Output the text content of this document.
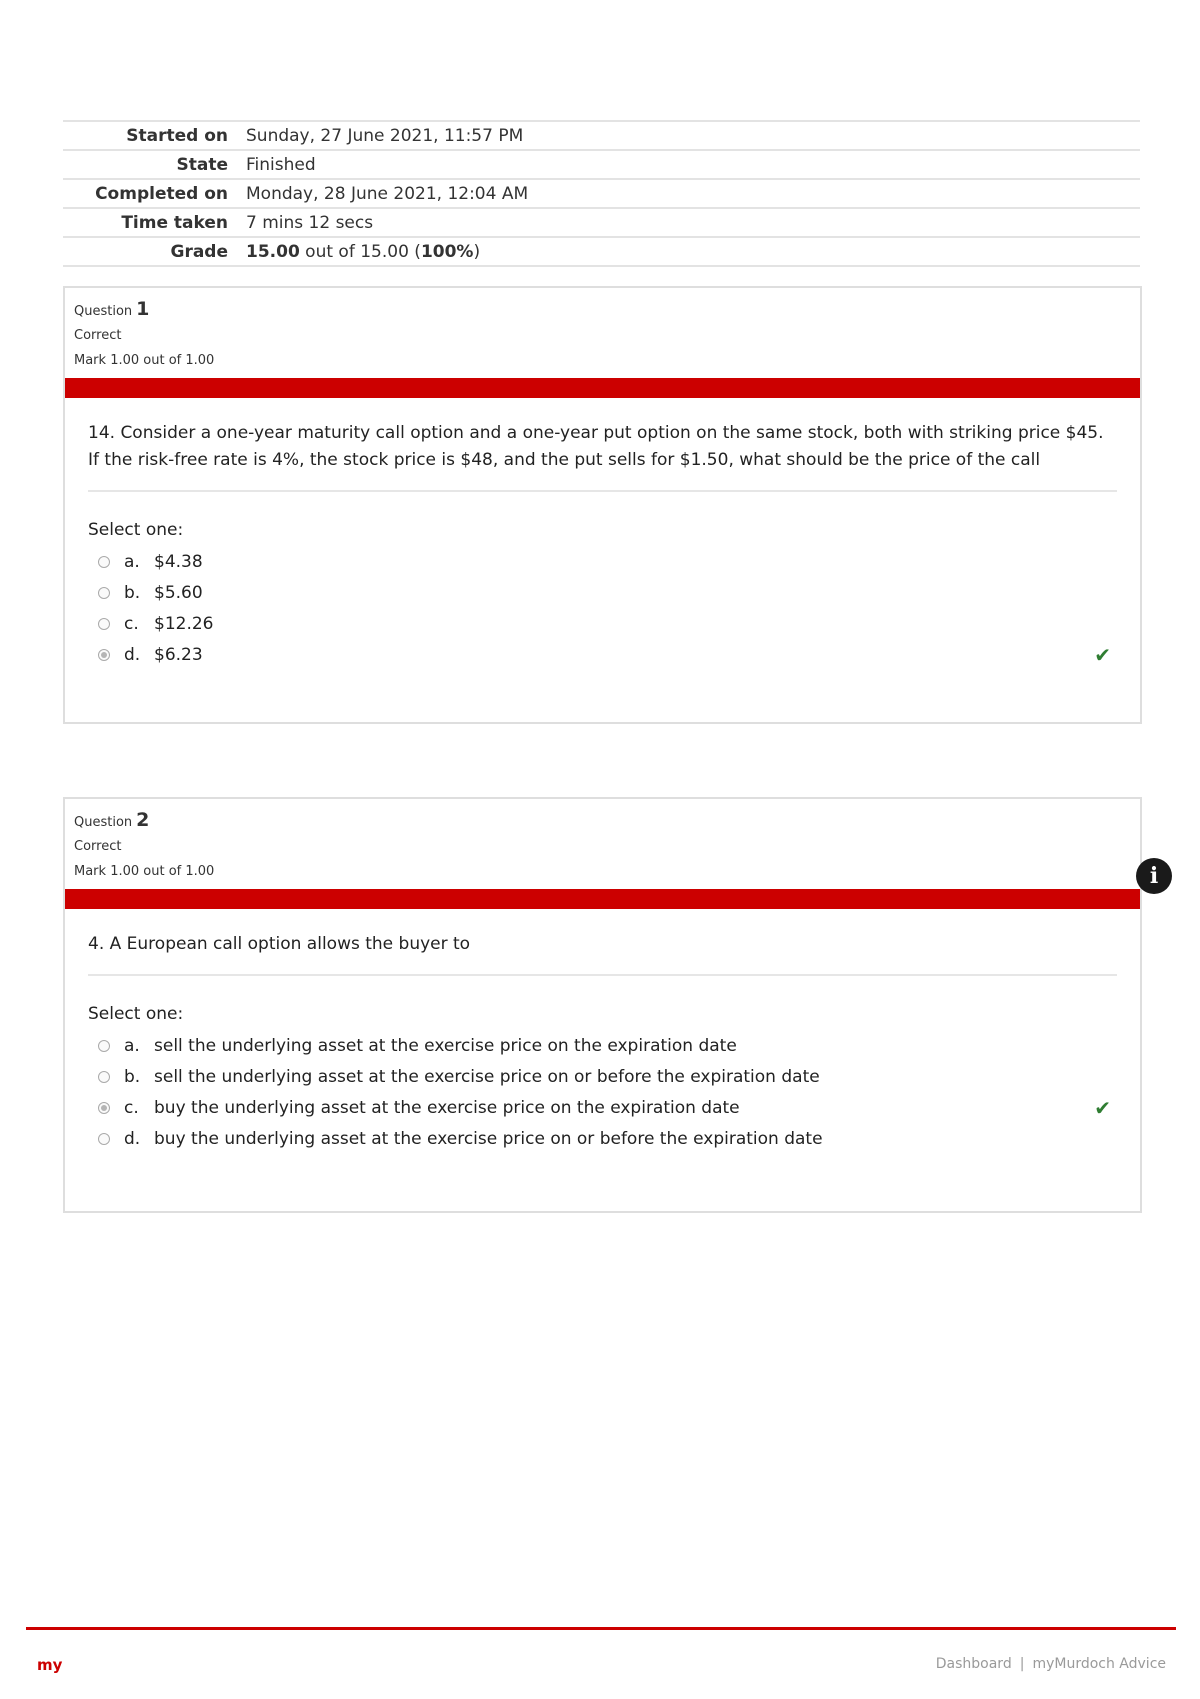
Started on	Sunday, 27 June 2021, 11:57 PM
State	Finished
Completed on	Monday, 28 June 2021, 12:04 AM
Time taken	7 mins 12 secs
Grade	15.00 out of 15.00 (100%)
Question 1
Correct
Mark 1.00 out of 1.00
14. Consider a one-year maturity call option and a one-year put option on the same stock, both with striking price $45. If the risk-free rate is 4%, the stock price is $48, and the put sells for $1.50, what should be the price of the call
Select one:
a. $4.38
b. $5.60
c. $12.26
d. $6.23	✔
Question 2
Correct
Mark 1.00 out of 1.00
4. A European call option allows the buyer to
Select one:
a. sell the underlying asset at the exercise price on the expiration date
b. sell the underlying asset at the exercise price on or before the expiration date
c. buy the underlying asset at the exercise price on the expiration date	✔
d. buy the underlying asset at the exercise price on or before the expiration date
i
my	Dashboard | myMurdoch Advice
